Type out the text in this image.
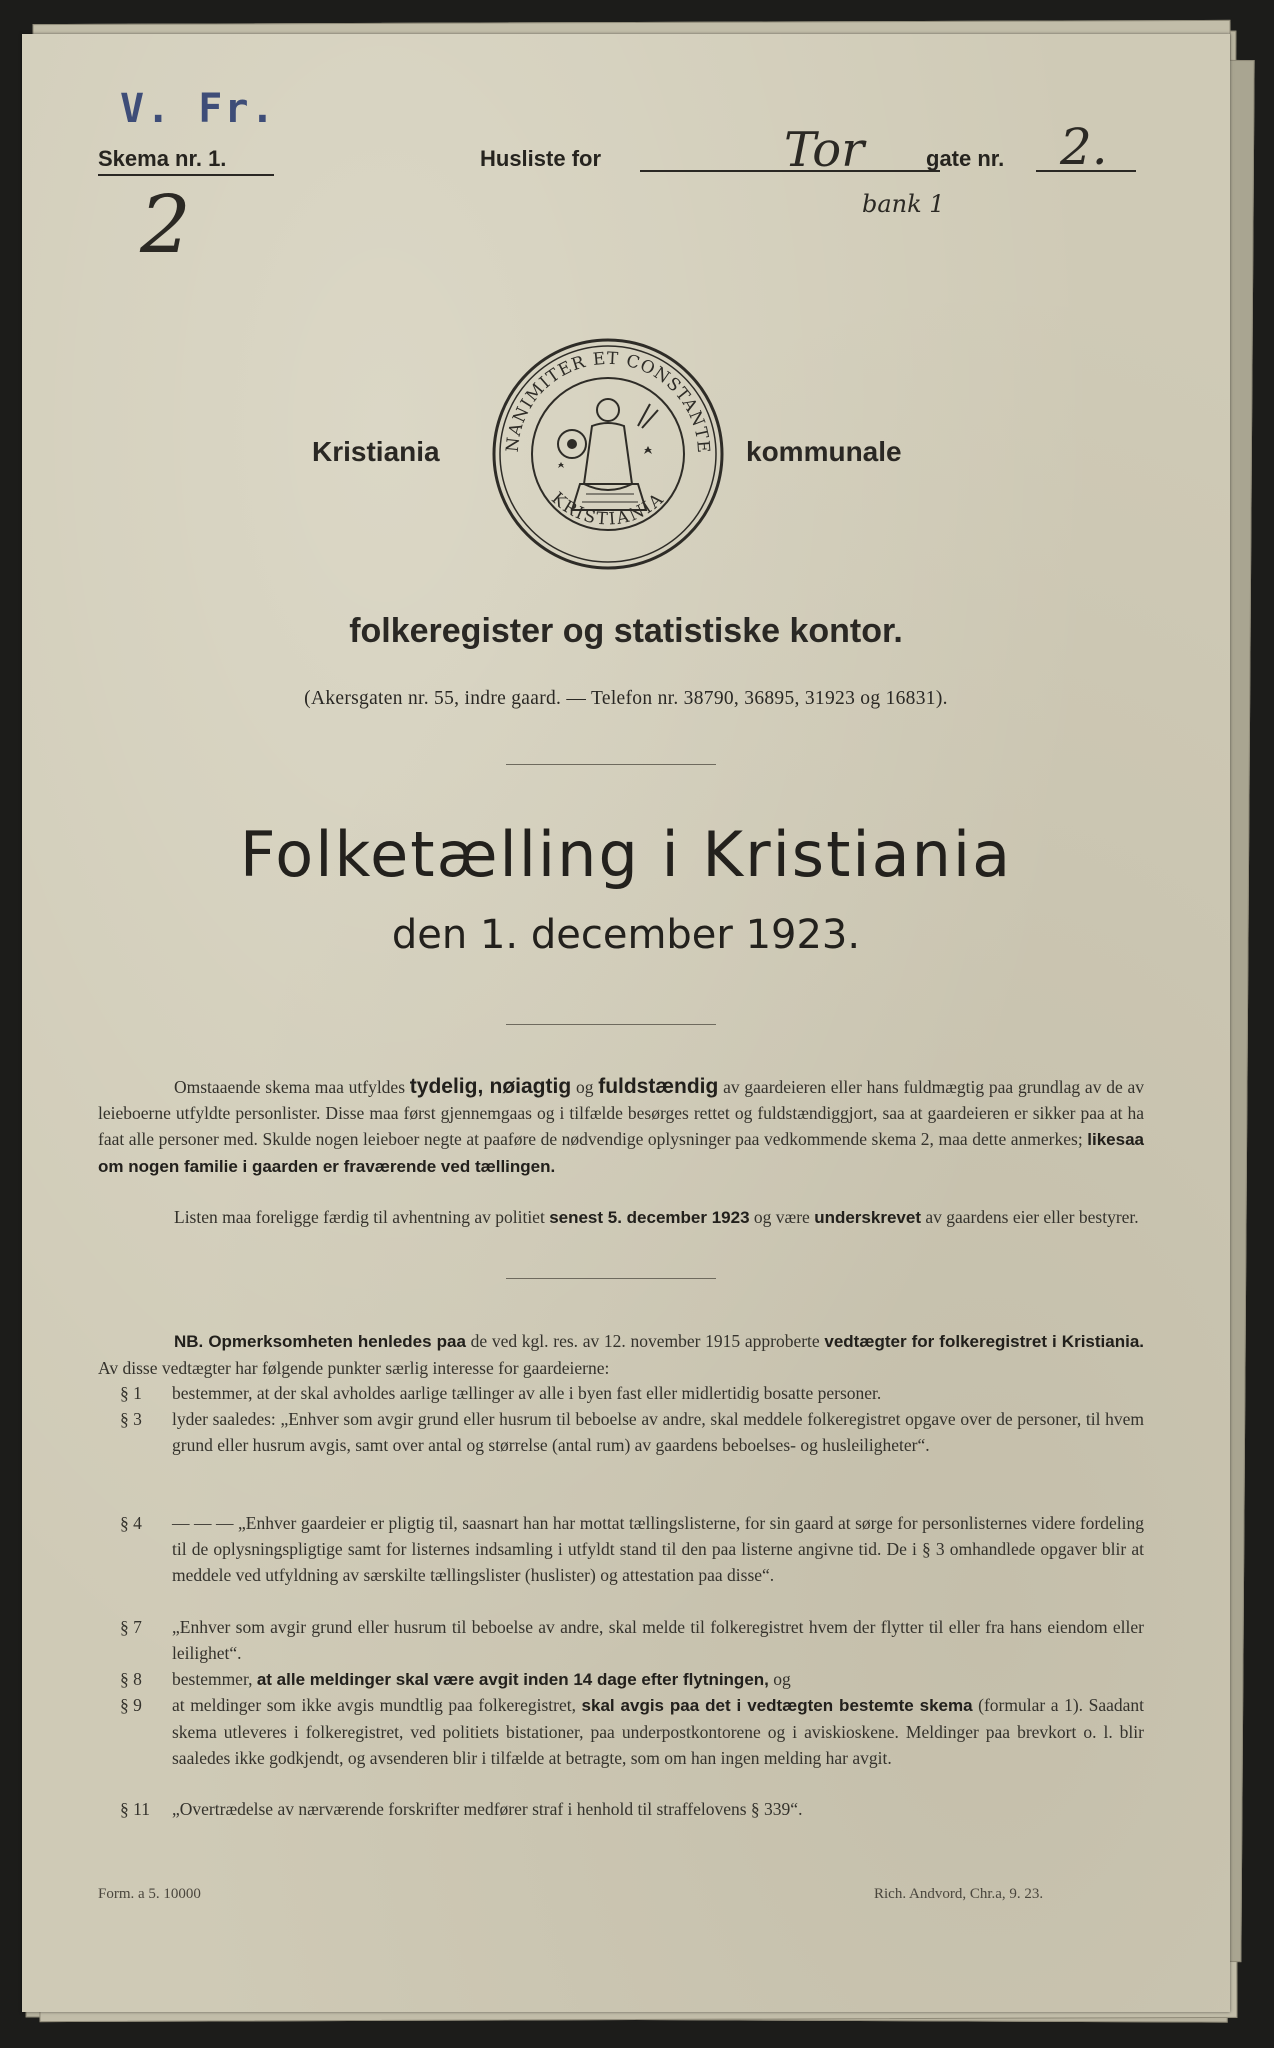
V. Fr.
Skema nr. 1.	Husliste for	Tor	gate nr. 2.
2	bank 1
Kristiania	NANIMITER ET CONSTANTE
KRISTIANIA
kommunale
folkeregister og statistiske kontor.
(Akersgaten nr. 55, indre gaard. — Telefon nr. 38790, 36895, 31923 og 16831).
Folketælling i Kristiania
den 1. december 1923.
Omstaaende skema maa utfyldes tydelig, nøiagtig og fuldstændig av gaardeieren eller hans fuldmægtig paa grundlag av de av leieboerne utfyldte personlister. Disse maa først gjennemgaas og i tilfælde besørges rettet og fuldstændiggjort, saa at gaardeieren er sikker paa at ha faat alle personer med. Skulde nogen leieboer negte at paaføre de nødvendige oplysninger paa vedkommende skema 2, maa dette anmerkes; likesaa om nogen familie i gaarden er fraværende ved tællingen.
Listen maa foreligge færdig til avhentning av politiet senest 5. december 1923 og være underskrevet av gaardens eier eller bestyrer.
NB. Opmerksomheten henledes paa de ved kgl. res. av 12. november 1915 approberte vedtægter for folkeregistret i Kristiania. Av disse vedtægter har følgende punkter særlig interesse for gaardeierne:
§ 1	bestemmer, at der skal avholdes aarlige tællinger av alle i byen fast eller midlertidig bosatte personer.
§ 3	lyder saaledes: „Enhver som avgir grund eller husrum til beboelse av andre, skal meddele folkeregistret opgave over de personer, til hvem grund eller husrum avgis, samt over antal og størrelse (antal rum) av gaardens beboelses- og husleiligheter“.
§ 4	— — — „Enhver gaardeier er pligtig til, saasnart han har mottat tællingslisterne, for sin gaard at sørge for personlisternes videre fordeling til de oplysningspligtige samt for listernes indsamling i utfyldt stand til den paa listerne angivne tid. De i § 3 omhandlede opgaver blir at meddele ved utfyldning av særskilte tællingslister (huslister) og attestation paa disse“.
§ 7	„Enhver som avgir grund eller husrum til beboelse av andre, skal melde til folkeregistret hvem der flytter til eller fra hans eiendom eller leilighet“.
§ 8	bestemmer, at alle meldinger skal være avgit inden 14 dage efter flytningen, og
§ 9	at meldinger som ikke avgis mundtlig paa folkeregistret, skal avgis paa det i vedtægten bestemte skema (formular a 1). Saadant skema utleveres i folkeregistret, ved politiets bistationer, paa underpostkontorene og i aviskioskene. Meldinger paa brevkort o. l. blir saaledes ikke godkjendt, og avsenderen blir i tilfælde at betragte, som om han ingen melding har avgit.
§ 11	„Overtrædelse av nærværende forskrifter medfører straf i henhold til straffelovens § 339“.
Form. a 5. 10000	Rich. Andvord, Chr.a, 9. 23.
